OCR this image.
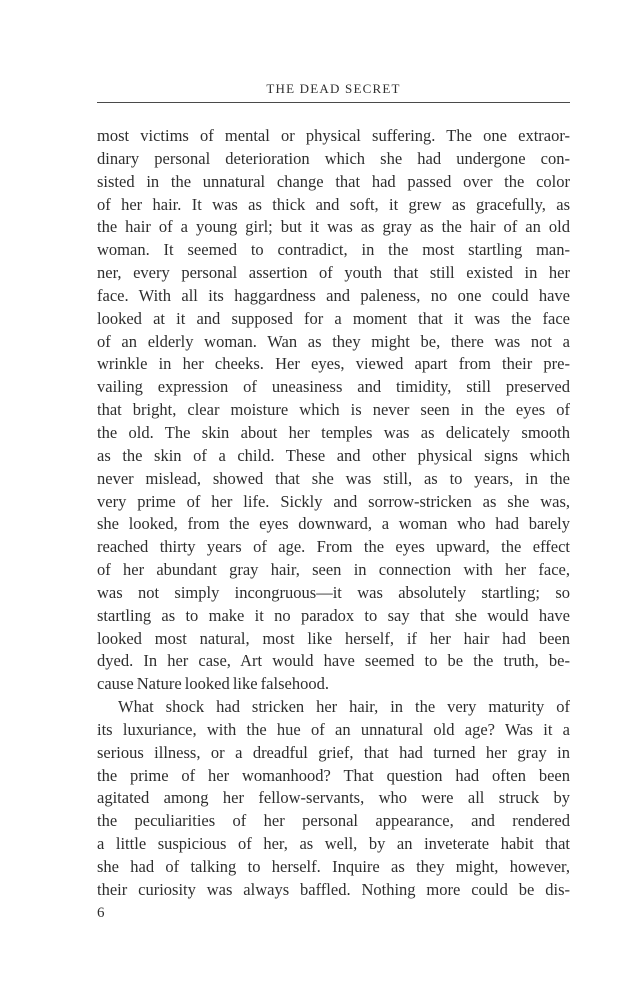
THE DEAD SECRET
most victims of mental or physical suffering. The one extraor-
dinary personal deterioration which she had undergone con-
sisted in the unnatural change that had passed over the color
of her hair. It was as thick and soft, it grew as gracefully, as
the hair of a young girl; but it was as gray as the hair of an old
woman. It seemed to contradict, in the most startling man-
ner, every personal assertion of youth that still existed in her
face. With all its haggardness and paleness, no one could have
looked at it and supposed for a moment that it was the face
of an elderly woman. Wan as they might be, there was not a
wrinkle in her cheeks. Her eyes, viewed apart from their pre-
vailing expression of uneasiness and timidity, still preserved
that bright, clear moisture which is never seen in the eyes of
the old. The skin about her temples was as delicately smooth
as the skin of a child. These and other physical signs which
never mislead, showed that she was still, as to years, in the
very prime of her life. Sickly and sorrow-stricken as she was,
she looked, from the eyes downward, a woman who had barely
reached thirty years of age. From the eyes upward, the effect
of her abundant gray hair, seen in connection with her face,
was not simply incongruous—it was absolutely startling; so
startling as to make it no paradox to say that she would have
looked most natural, most like herself, if her hair had been
dyed. In her case, Art would have seemed to be the truth, be-
cause Nature looked like falsehood.
What shock had stricken her hair, in the very maturity of
its luxuriance, with the hue of an unnatural old age? Was it a
serious illness, or a dreadful grief, that had turned her gray in
the prime of her womanhood? That question had often been
agitated among her fellow-servants, who were all struck by
the peculiarities of her personal appearance, and rendered
a little suspicious of her, as well, by an inveterate habit that
she had of talking to herself. Inquire as they might, however,
their curiosity was always baffled. Nothing more could be dis-
6
